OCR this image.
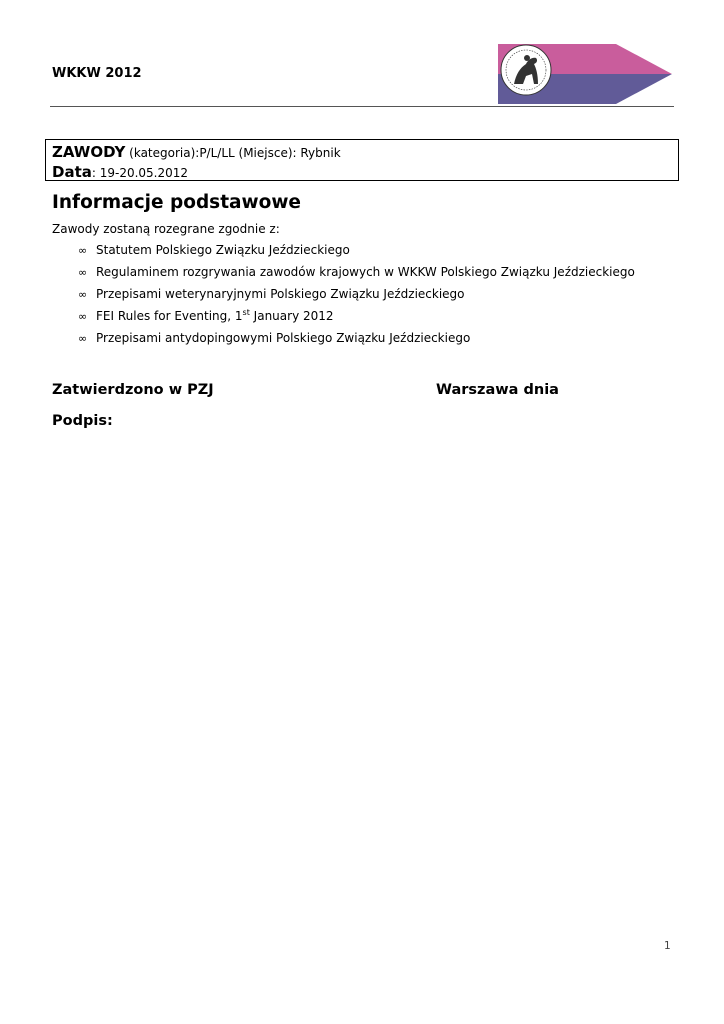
WKKW 2012
ZAWODY (kategoria):P/L/LL (Miejsce): Rybnik
Data: 19-20.05.2012
Informacje podstawowe
Zawody zostaną rozegrane zgodnie z:
∞ Statutem Polskiego Związku Jeździeckiego
∞ Regulaminem rozgrywania zawodów krajowych w WKKW Polskiego Związku Jeździeckiego
∞ Przepisami weterynaryjnymi Polskiego Związku Jeździeckiego
∞ FEI Rules for Eventing, 1st January 2012
∞ Przepisami antydopingowymi Polskiego Związku Jeździeckiego
Zatwierdzono w PZJ	Warszawa dnia
Podpis:
1
